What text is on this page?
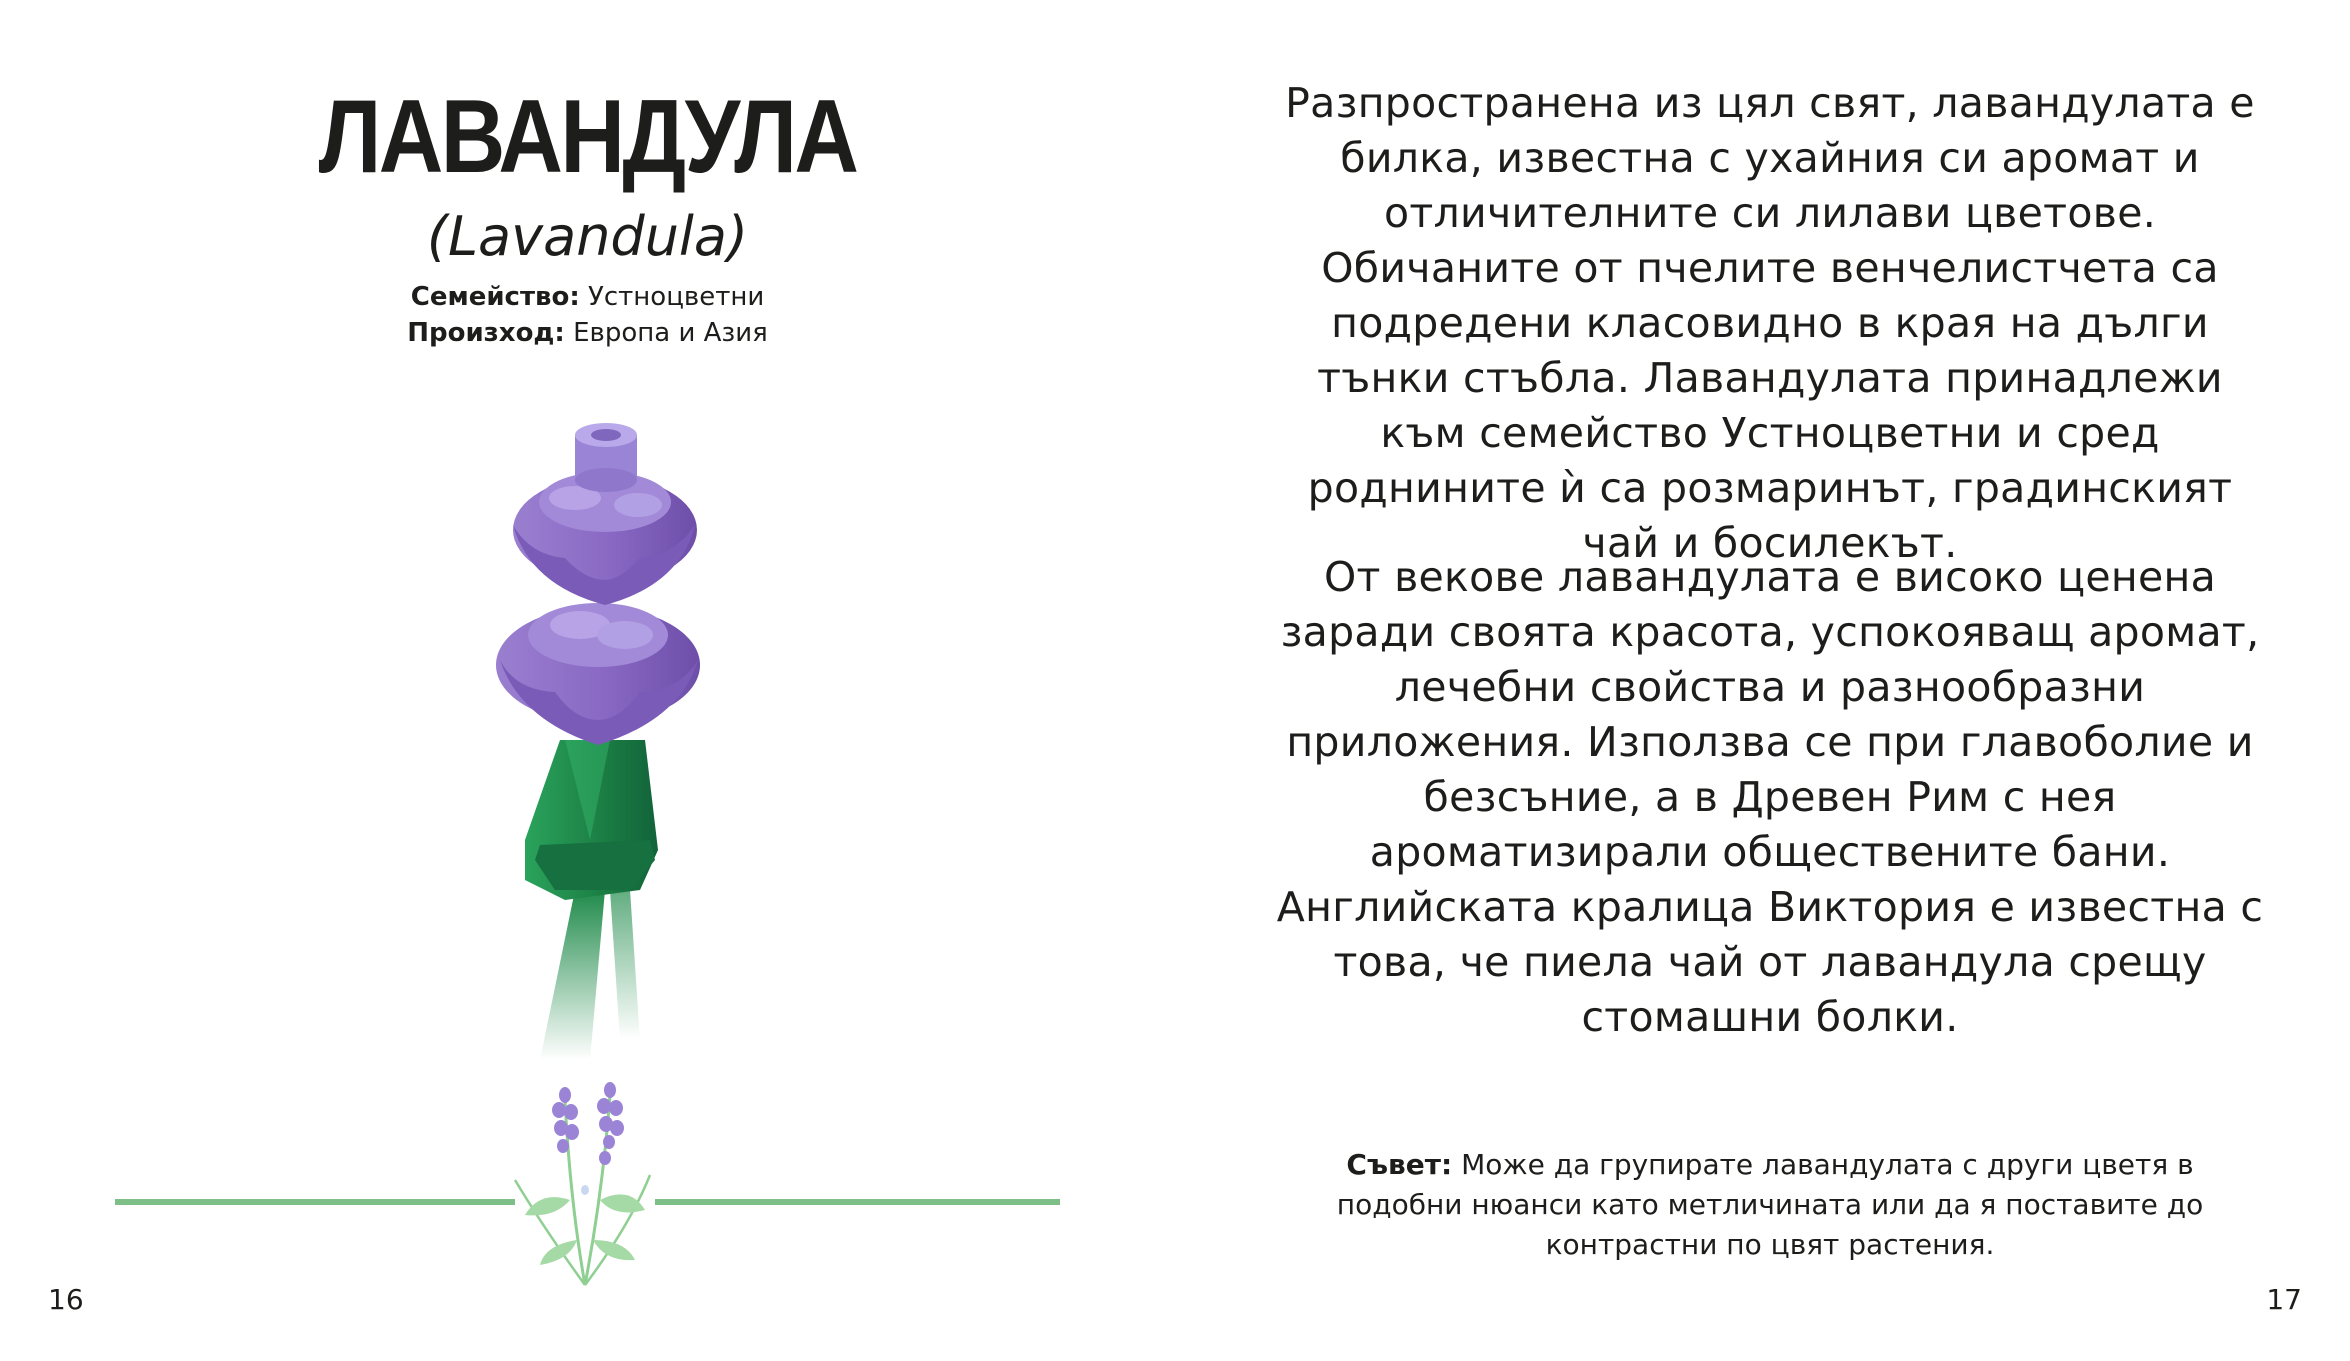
ЛАВАНДУЛА
(Lavandula)
Семейство: Устноцветни
Произход: Европа и Азия
16

Разпространена из цял свят, лавандулата е билка, известна с ухайния си аромат и отличителните си лилави цветове. Обичаните от пчелите венчелистчета са подредени класовидно в края на дълги тънки стъбла. Лавандулата принадлежи към семейство Устноцветни и сред роднините ѝ са розмаринът, градинският чай и босилекът.

От векове лавандулата е високо ценена заради своята красота, успокояващ аромат, лечебни свойства и разнообразни приложения. Използва се при главоболие и безсъние, а в Древен Рим с нея ароматизирали обществените бани. Английската кралица Виктория е известна с това, че пиела чай от лавандула срещу стомашни болки.

Съвет: Може да групирате лавандулата с други цветя в подобни нюанси като метличината или да я поставите до контрастни по цвят растения.

17
